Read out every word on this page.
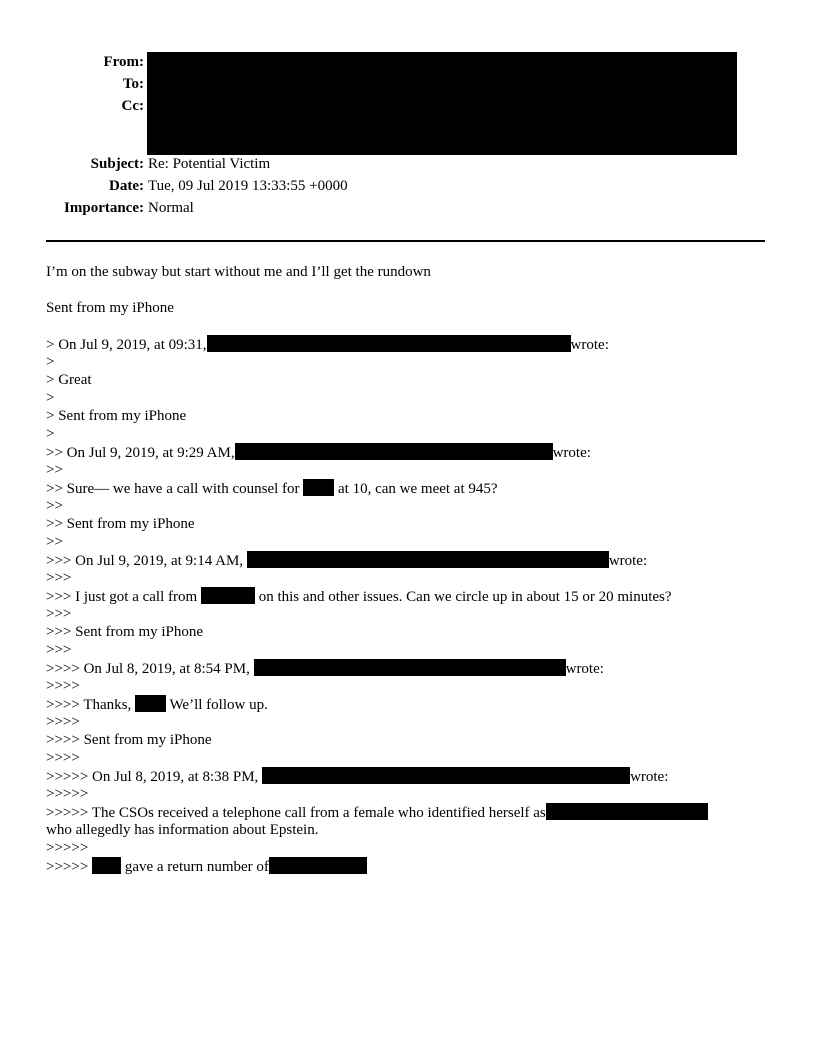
From:
To:
Cc:
Subject: Re: Potential Victim
Date: Tue, 09 Jul 2019 13:33:55 +0000
Importance: Normal
I’m on the subway but start without me and I’ll get the rundown
Sent from my iPhone
> On Jul 9, 2019, at 09:31,	wrote:
>
> Great
>
> Sent from my iPhone
>
>> On Jul 9, 2019, at 9:29 AM,	wrote:
>>
>> Sure— we have a call with counsel for  at 10, can we meet at 945?
>>
>> Sent from my iPhone
>>
>>> On Jul 9, 2019, at 9:14 AM,	wrote:
>>>
>>> I just got a call from	on this and other issues. Can we circle up in about 15 or 20 minutes?
>>>
>>> Sent from my iPhone
>>>
>>>> On Jul 8, 2019, at 8:54 PM,	wrote:
>>>>
>>>> Thanks,  We’ll follow up.
>>>>
>>>> Sent from my iPhone
>>>>
>>>>> On Jul 8, 2019, at 8:38 PM,	wrote:
>>>>>
>>>>> The CSOs received a telephone call from a female who identified herself as
who allegedly has information about Epstein.
>>>>>
>>>>>  gave a return number of
